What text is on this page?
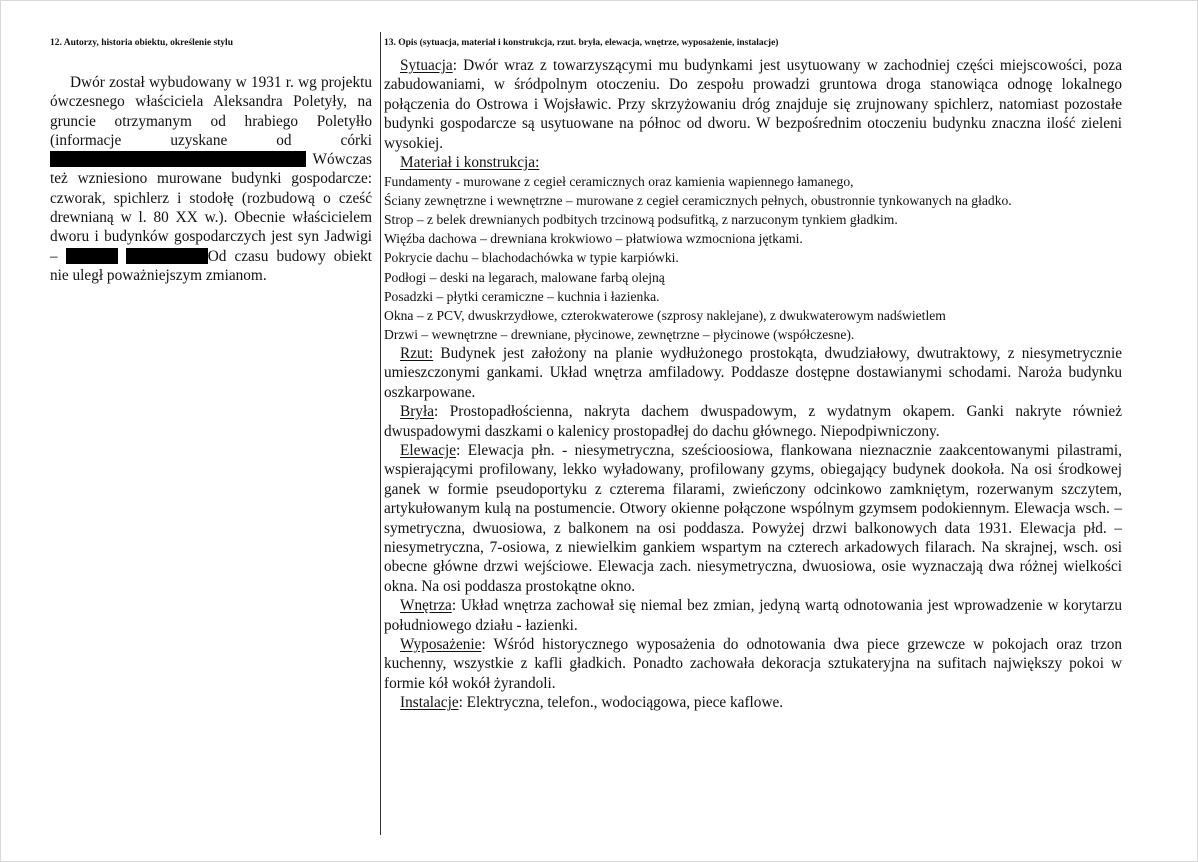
12. Autorzy, historia obiektu, określenie stylu

Dwór został wybudowany w 1931 r. wg projektu ówczesnego właściciela Aleksandra Poletyły, na gruncie otrzymanym od hrabiego Poletyłło (informacje uzyskane od córki  Wówczas też wzniesiono murowane budynki gospodarcze: czworak, spichlerz i stodołę (rozbudową o cześć drewnianą w l. 80 XX w.). Obecnie właścicielem dworu i budynków gospodarczych jest syn Jadwigi –	Od czasu budowy obiekt nie uległ poważniejszym zmianom.

13. Opis (sytuacja, materiał i konstrukcja, rzut. bryła, elewacja, wnętrze, wyposażenie, instalacje)

Sytuacja: Dwór wraz z towarzyszącymi mu budynkami jest usytuowany w zachodniej części miejscowości, poza zabudowaniami, w śródpolnym otoczeniu. Do zespołu prowadzi gruntowa droga stanowiąca odnogę lokalnego połączenia do Ostrowa i Wojsławic. Przy skrzyżowaniu dróg znajduje się zrujnowany spichlerz, natomiast pozostałe budynki gospodarcze są usytuowane na północ od dworu. W bezpośrednim otoczeniu budynku znaczna ilość zieleni wysokiej.

Materiał i konstrukcja:

Fundamenty - murowane z cegieł ceramicznych oraz kamienia wapiennego łamanego,

Ściany zewnętrzne i wewnętrzne – murowane z cegieł ceramicznych pełnych, obustronnie tynkowanych na gładko.

Strop – z belek drewnianych podbitych trzcinową podsufitką, z narzuconym tynkiem gładkim.

Więźba dachowa – drewniana krokwiowo – płatwiowa wzmocniona jętkami.

Pokrycie dachu – blachodachówka w typie karpiówki.

Podłogi – deski na legarach, malowane farbą olejną

Posadzki – płytki ceramiczne – kuchnia i łazienka.

Okna – z PCV, dwuskrzydłowe, czterokwaterowe (szprosy naklejane), z dwukwaterowym nadświetlem

Drzwi – wewnętrzne – drewniane, płycinowe, zewnętrzne – płycinowe (współczesne).

Rzut: Budynek jest założony na planie wydłużonego prostokąta, dwudziałowy, dwutraktowy, z niesymetrycznie umieszczonymi gankami. Układ wnętrza amfiladowy. Poddasze dostępne dostawianymi schodami. Naroża budynku oszkarpowane.

Bryła: Prostopadłościenna, nakryta dachem dwuspadowym, z wydatnym okapem. Ganki nakryte również dwuspadowymi daszkami o kalenicy prostopadłej do dachu głównego. Niepodpiwniczony.

Elewacje: Elewacja płn. - niesymetryczna, sześcioosiowa, flankowana nieznacznie zaakcentowanymi pilastrami, wspierającymi profilowany, lekko wyładowany, profilowany gzyms, obiegający budynek dookoła. Na osi środkowej ganek w formie pseudoportyku z czterema filarami, zwieńczony odcinkowo zamkniętym, rozerwanym szczytem, artykułowanym kulą na postumencie. Otwory okienne połączone wspólnym gzymsem podokiennym. Elewacja wsch. – symetryczna, dwuosiowa, z balkonem na osi poddasza. Powyżej drzwi balkonowych data 1931. Elewacja płd. – niesymetryczna, 7-osiowa, z niewielkim gankiem wspartym na czterech arkadowych filarach. Na skrajnej, wsch. osi obecne główne drzwi wejściowe. Elewacja zach. niesymetryczna, dwuosiowa, osie wyznaczają dwa różnej wielkości okna. Na osi poddasza prostokątne okno.

Wnętrza: Układ wnętrza zachował się niemal bez zmian, jedyną wartą odnotowania jest wprowadzenie w korytarzu południowego działu - łazienki.

Wyposażenie: Wśród historycznego wyposażenia do odnotowania dwa piece grzewcze w pokojach oraz trzon kuchenny, wszystkie z kafli gładkich. Ponadto zachowała dekoracja sztukateryjna na sufitach największy pokoi w formie kół wokół żyrandoli.

Instalacje: Elektryczna, telefon., wodociągowa, piece kaflowe.
